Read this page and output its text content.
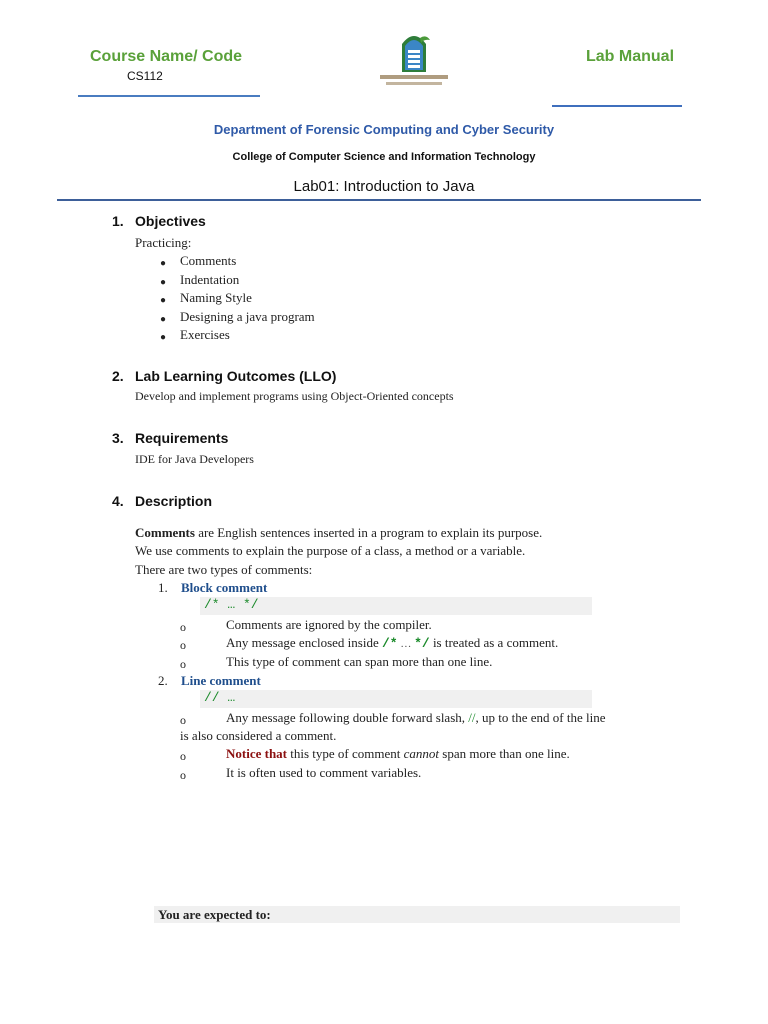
Course Name/ Code
CS112
Lab Manual
Department of Forensic Computing and Cyber Security
College of Computer Science and Information Technology
Lab01: Introduction to Java
1. Objectives
Practicing:
● Comments
● Indentation
● Naming Style
● Designing a java program
● Exercises
2. Lab Learning Outcomes (LLO)
Develop and implement programs using Object-Oriented concepts
3. Requirements
IDE for Java Developers
4. Description
Comments are English sentences inserted in a program to explain its purpose.
We use comments to explain the purpose of a class, a method or a variable.
There are two types of comments:
1. Block comment
/* … */
o	Comments are ignored by the compiler.
o	Any message enclosed inside /* … */ is treated as a comment.
o	This type of comment can span more than one line.
2. Line comment
// …
o	Any message following double forward slash, //, up to the end of the line
is also considered a comment.
o	Notice that this type of comment cannot span more than one line.
o	It is often used to comment variables.
You are expected to:
